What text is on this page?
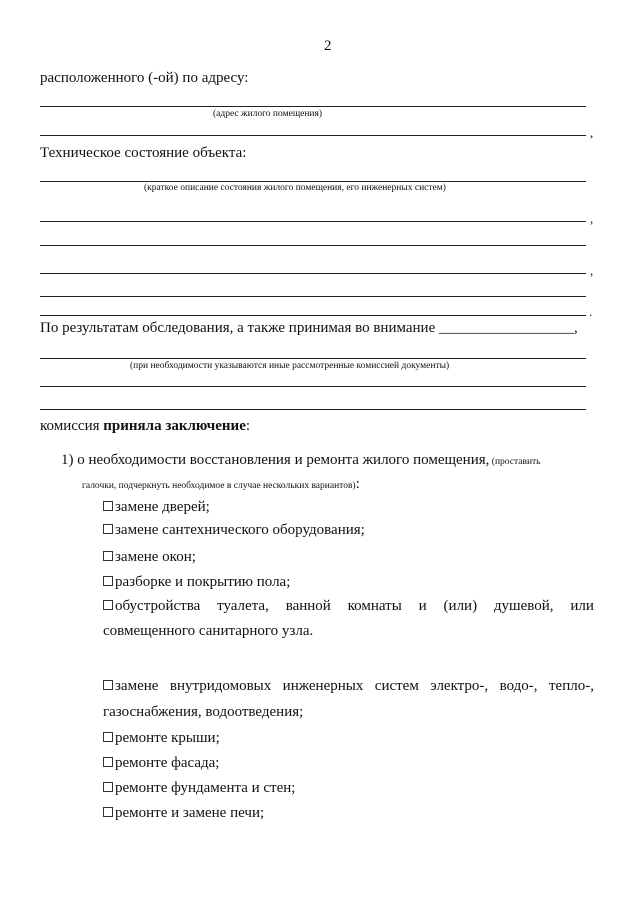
2
расположенного (-ой) по адресу:
(адрес жилого помещения)
,
Техническое состояние объекта:
(краткое описание состояния жилого помещения, его инженерных систем)
,
,
.
По результатам обследования, а также принимая во внимание __________________,
(при необходимости указываются иные рассмотренные комиссией документы)
комиссия приняла заключение:
1) о необходимости восстановления и ремонта жилого помещения, (проставить
галочки, подчеркнуть необходимое в случае нескольких вариантов):
замене дверей;
замене сантехнического оборудования;
замене окон;
разборке и покрытию пола;
обустройства туалета, ванной комнаты и (или) душевой, или
совмещенного санитарного узла.
замене внутридомовых инженерных систем электро-, водо-, тепло-,
газоснабжения, водоотведения;
ремонте крыши;
ремонте фасада;
ремонте фундамента и стен;
ремонте и замене печи;
